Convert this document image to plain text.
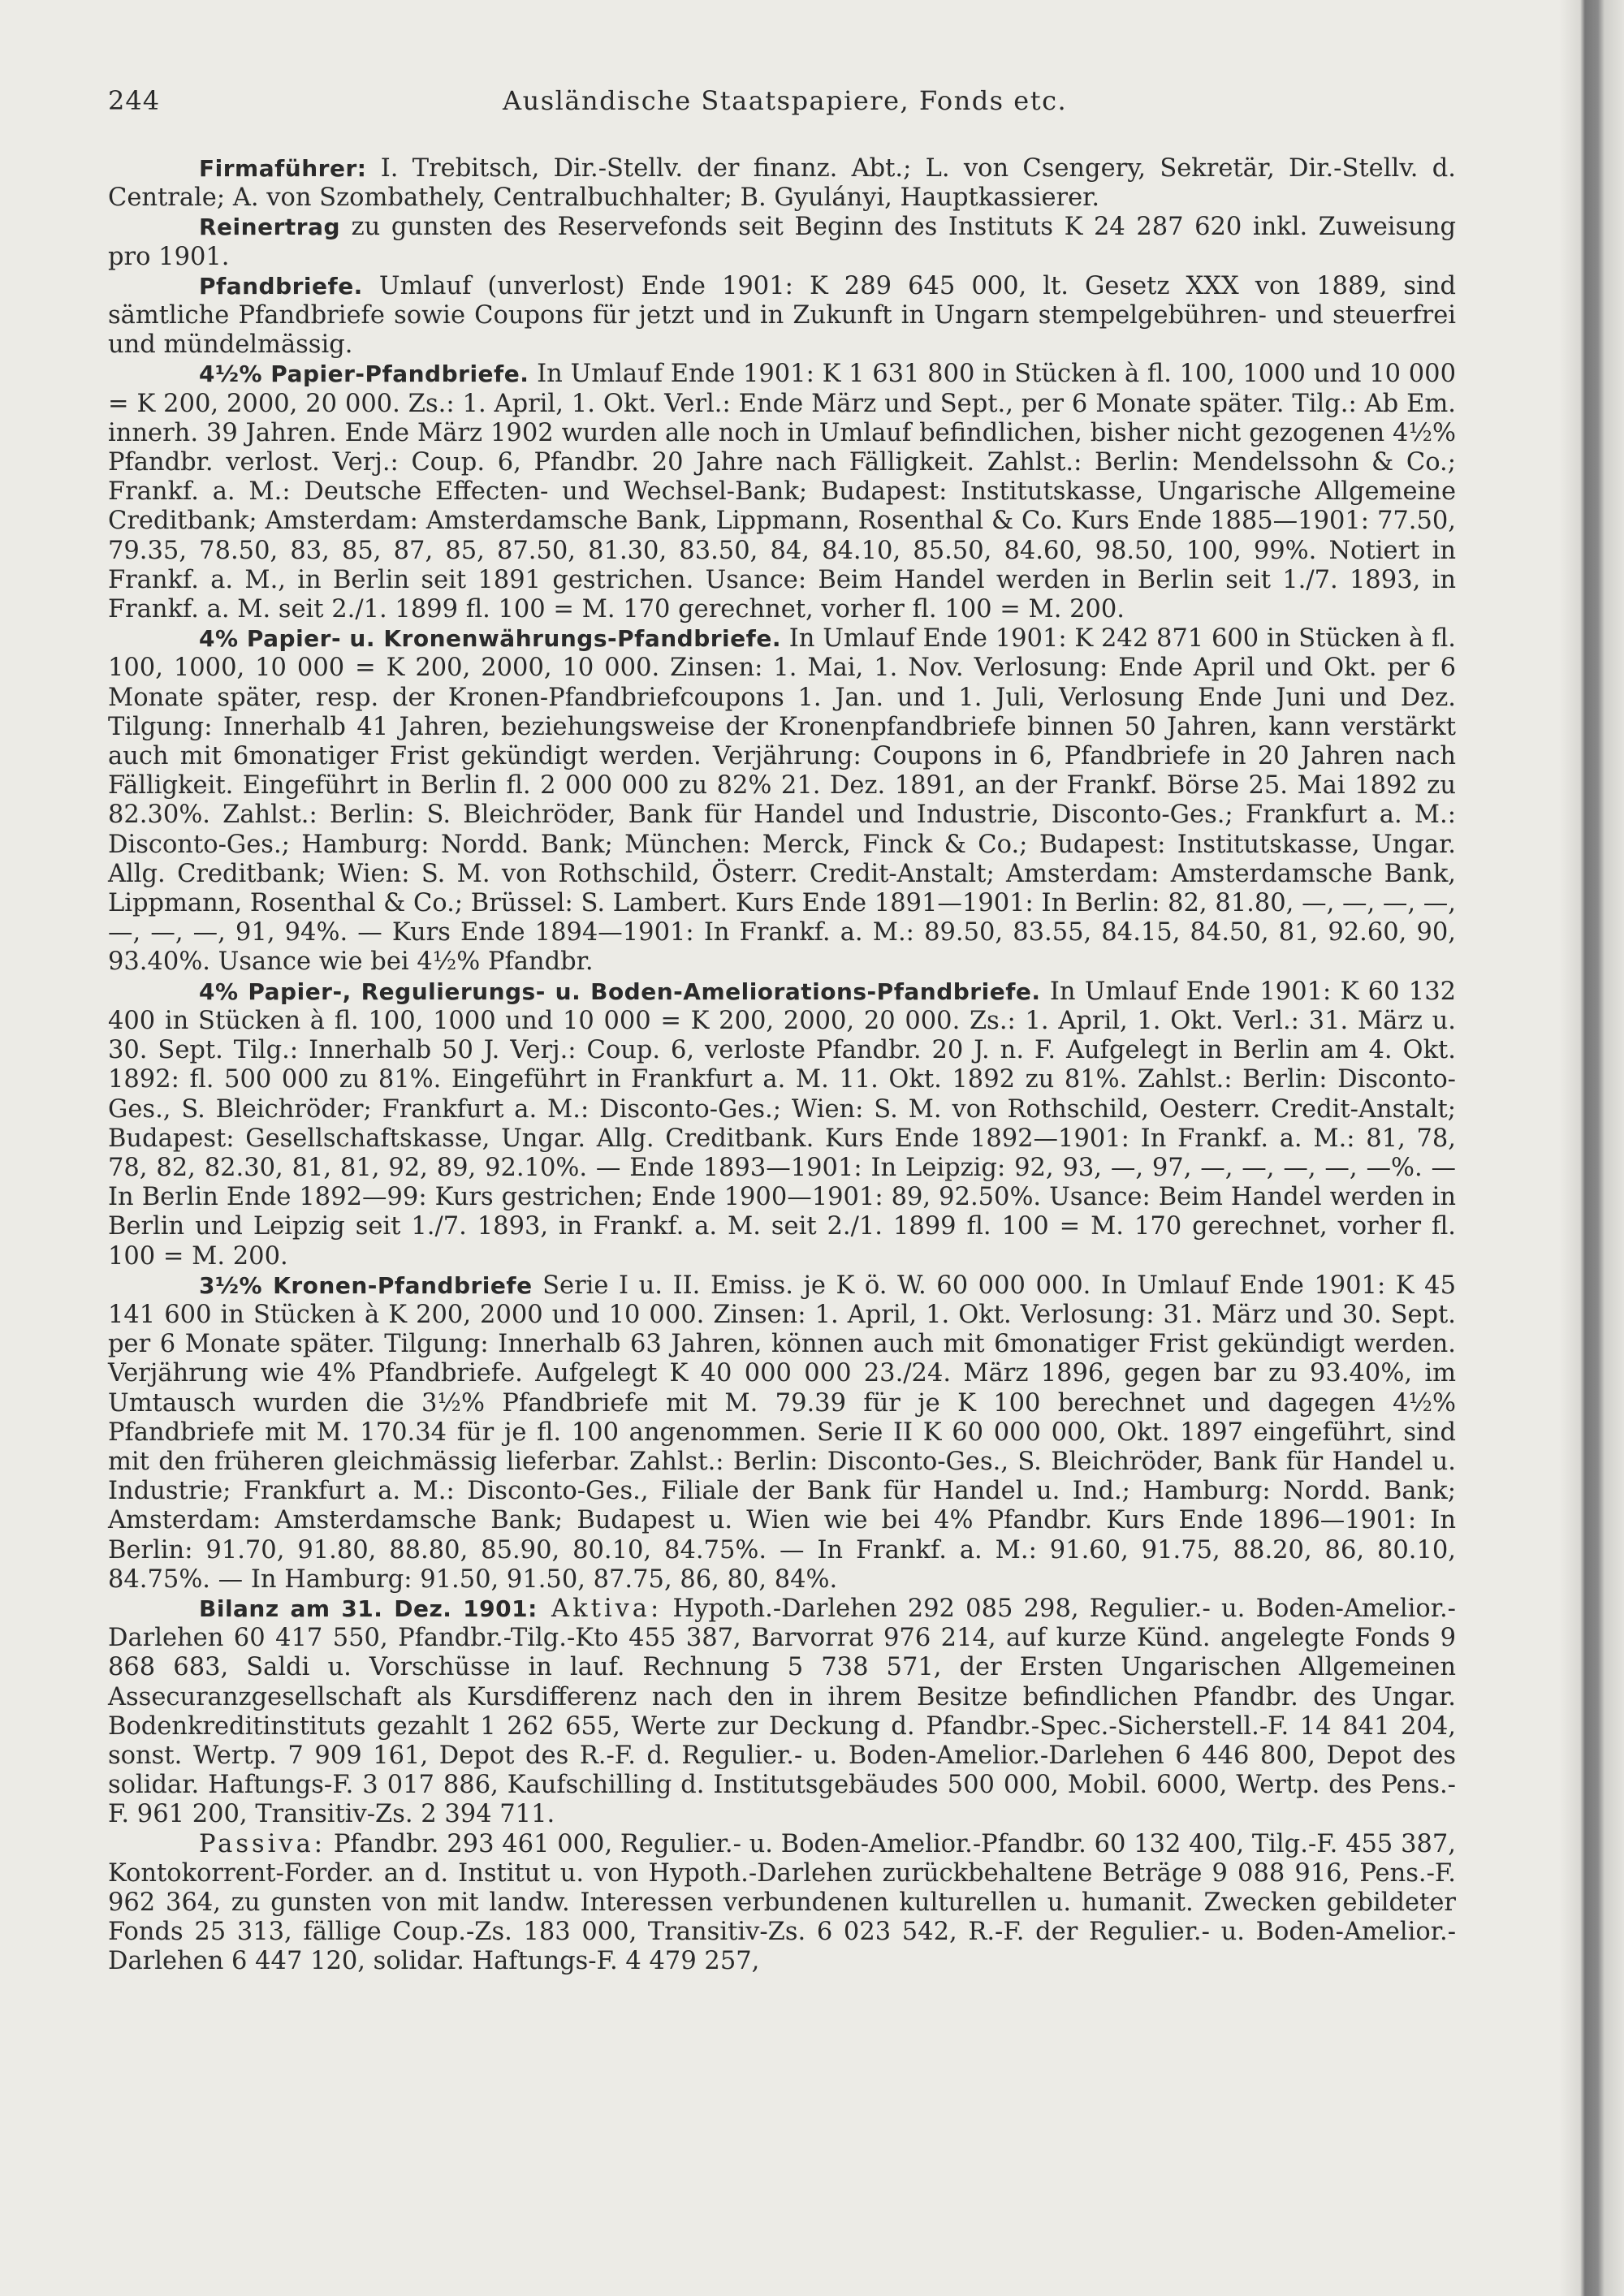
244	Ausländische Staatspapiere, Fonds etc.

Firmaführer: I. Trebitsch, Dir.-Stellv. der finanz. Abt.; L. von Csengery, Sekretär, Dir.-Stellv. d. Centrale; A. von Szombathely, Centralbuchhalter; B. Gyulányi, Hauptkassierer.

Reinertrag zu gunsten des Reservefonds seit Beginn des Instituts K 24 287 620 inkl. Zuweisung pro 1901.

Pfandbriefe. Umlauf (unverlost) Ende 1901: K 289 645 000, lt. Gesetz XXX von 1889, sind sämtliche Pfandbriefe sowie Coupons für jetzt und in Zukunft in Ungarn stempelgebühren- und steuerfrei und mündelmässig.

4½% Papier-Pfandbriefe. In Umlauf Ende 1901: K 1 631 800 in Stücken à fl. 100, 1000 und 10 000 = K 200, 2000, 20 000. Zs.: 1. April, 1. Okt. Verl.: Ende März und Sept., per 6 Monate später. Tilg.: Ab Em. innerh. 39 Jahren. Ende März 1902 wurden alle noch in Umlauf befindlichen, bisher nicht gezogenen 4½% Pfandbr. verlost. Verj.: Coup. 6, Pfandbr. 20 Jahre nach Fälligkeit. Zahlst.: Berlin: Mendelssohn & Co.; Frankf. a. M.: Deutsche Effecten- und Wechsel-Bank; Budapest: Institutskasse, Ungarische Allgemeine Creditbank; Amsterdam: Amsterdamsche Bank, Lippmann, Rosenthal & Co. Kurs Ende 1885—1901: 77.50, 79.35, 78.50, 83, 85, 87, 85, 87.50, 81.30, 83.50, 84, 84.10, 85.50, 84.60, 98.50, 100, 99%. Notiert in Frankf. a. M., in Berlin seit 1891 gestrichen. Usance: Beim Handel werden in Berlin seit 1./7. 1893, in Frankf. a. M. seit 2./1. 1899 fl. 100 = M. 170 gerechnet, vorher fl. 100 = M. 200.

4% Papier- u. Kronenwährungs-Pfandbriefe. In Umlauf Ende 1901: K 242 871 600 in Stücken à fl. 100, 1000, 10 000 = K 200, 2000, 10 000. Zinsen: 1. Mai, 1. Nov. Verlosung: Ende April und Okt. per 6 Monate später, resp. der Kronen-Pfandbriefcoupons 1. Jan. und 1. Juli, Verlosung Ende Juni und Dez. Tilgung: Innerhalb 41 Jahren, beziehungsweise der Kronenpfandbriefe binnen 50 Jahren, kann verstärkt auch mit 6monatiger Frist gekündigt werden. Verjährung: Coupons in 6, Pfandbriefe in 20 Jahren nach Fälligkeit. Eingeführt in Berlin fl. 2 000 000 zu 82% 21. Dez. 1891, an der Frankf. Börse 25. Mai 1892 zu 82.30%. Zahlst.: Berlin: S. Bleichröder, Bank für Handel und Industrie, Disconto-Ges.; Frankfurt a. M.: Disconto-Ges.; Hamburg: Nordd. Bank; München: Merck, Finck & Co.; Budapest: Institutskasse, Ungar. Allg. Creditbank; Wien: S. M. von Rothschild, Österr. Credit-Anstalt; Amsterdam: Amsterdamsche Bank, Lippmann, Rosenthal & Co.; Brüssel: S. Lambert. Kurs Ende 1891—1901: In Berlin: 82, 81.80, —, —, —, —, —, —, —, 91, 94%. — Kurs Ende 1894—1901: In Frankf. a. M.: 89.50, 83.55, 84.15, 84.50, 81, 92.60, 90, 93.40%. Usance wie bei 4½% Pfandbr.

4% Papier-, Regulierungs- u. Boden-Ameliorations-Pfandbriefe. In Umlauf Ende 1901: K 60 132 400 in Stücken à fl. 100, 1000 und 10 000 = K 200, 2000, 20 000. Zs.: 1. April, 1. Okt. Verl.: 31. März u. 30. Sept. Tilg.: Innerhalb 50 J. Verj.: Coup. 6, verloste Pfandbr. 20 J. n. F. Aufgelegt in Berlin am 4. Okt. 1892: fl. 500 000 zu 81%. Eingeführt in Frankfurt a. M. 11. Okt. 1892 zu 81%. Zahlst.: Berlin: Disconto-Ges., S. Bleichröder; Frankfurt a. M.: Disconto-Ges.; Wien: S. M. von Rothschild, Oesterr. Credit-Anstalt; Budapest: Gesellschaftskasse, Ungar. Allg. Creditbank. Kurs Ende 1892—1901: In Frankf. a. M.: 81, 78, 78, 82, 82.30, 81, 81, 92, 89, 92.10%. — Ende 1893—1901: In Leipzig: 92, 93, —, 97, —, —, —, —, —%. — In Berlin Ende 1892—99: Kurs gestrichen; Ende 1900—1901: 89, 92.50%. Usance: Beim Handel werden in Berlin und Leipzig seit 1./7. 1893, in Frankf. a. M. seit 2./1. 1899 fl. 100 = M. 170 gerechnet, vorher fl. 100 = M. 200.

3½% Kronen-Pfandbriefe Serie I u. II. Emiss. je K ö. W. 60 000 000. In Umlauf Ende 1901: K 45 141 600 in Stücken à K 200, 2000 und 10 000. Zinsen: 1. April, 1. Okt. Verlosung: 31. März und 30. Sept. per 6 Monate später. Tilgung: Innerhalb 63 Jahren, können auch mit 6monatiger Frist gekündigt werden. Verjährung wie 4% Pfandbriefe. Aufgelegt K 40 000 000 23./24. März 1896, gegen bar zu 93.40%, im Umtausch wurden die 3½% Pfandbriefe mit M. 79.39 für je K 100 berechnet und dagegen 4½% Pfandbriefe mit M. 170.34 für je fl. 100 angenommen. Serie II K 60 000 000, Okt. 1897 eingeführt, sind mit den früheren gleichmässig lieferbar. Zahlst.: Berlin: Disconto-Ges., S. Bleichröder, Bank für Handel u. Industrie; Frankfurt a. M.: Disconto-Ges., Filiale der Bank für Handel u. Ind.; Hamburg: Nordd. Bank; Amsterdam: Amsterdamsche Bank; Budapest u. Wien wie bei 4% Pfandbr. Kurs Ende 1896—1901: In Berlin: 91.70, 91.80, 88.80, 85.90, 80.10, 84.75%. — In Frankf. a. M.: 91.60, 91.75, 88.20, 86, 80.10, 84.75%. — In Hamburg: 91.50, 91.50, 87.75, 86, 80, 84%.

Bilanz am 31. Dez. 1901: Aktiva: Hypoth.-Darlehen 292 085 298, Regulier.- u. Boden-Amelior.-Darlehen 60 417 550, Pfandbr.-Tilg.-Kto 455 387, Barvorrat 976 214, auf kurze Künd. angelegte Fonds 9 868 683, Saldi u. Vorschüsse in lauf. Rechnung 5 738 571, der Ersten Ungarischen Allgemeinen Assecuranzgesellschaft als Kursdifferenz nach den in ihrem Besitze befindlichen Pfandbr. des Ungar. Bodenkreditinstituts gezahlt 1 262 655, Werte zur Deckung d. Pfandbr.-Spec.-Sicherstell.-F. 14 841 204, sonst. Wertp. 7 909 161, Depot des R.-F. d. Regulier.- u. Boden-Amelior.-Darlehen 6 446 800, Depot des solidar. Haftungs-F. 3 017 886, Kaufschilling d. Institutsgebäudes 500 000, Mobil. 6000, Wertp. des Pens.-F. 961 200, Transitiv-Zs. 2 394 711.

Passiva: Pfandbr. 293 461 000, Regulier.- u. Boden-Amelior.-Pfandbr. 60 132 400, Tilg.-F. 455 387, Kontokorrent-Forder. an d. Institut u. von Hypoth.-Darlehen zurückbehaltene Beträge 9 088 916, Pens.-F. 962 364, zu gunsten von mit landw. Interessen verbundenen kulturellen u. humanit. Zwecken gebildeter Fonds 25 313, fällige Coup.-Zs. 183 000, Transitiv-Zs. 6 023 542, R.-F. der Regulier.- u. Boden-Amelior.-Darlehen 6 447 120, solidar. Haftungs-F. 4 479 257,
